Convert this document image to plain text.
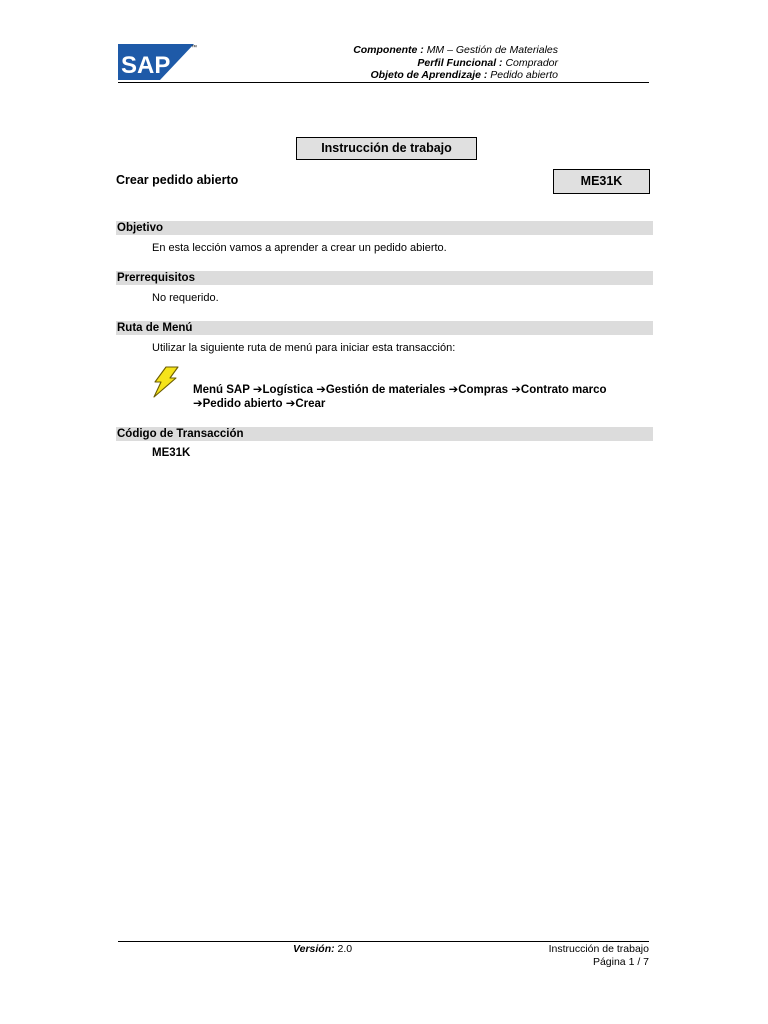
SAP
™	Componente : MM – Gestión de Materiales
Perfil Funcional : Comprador
Objeto de Aprendizaje : Pedido abierto
Instrucción de trabajo
Crear pedido abierto	ME31K
Objetivo
En esta lección vamos a aprender a crear un pedido abierto.
Prerrequisitos
No requerido.
Ruta de Menú
Utilizar la siguiente ruta de menú para iniciar esta transacción:
Menú SAP ➔Logística ➔Gestión de materiales ➔Compras ➔Contrato marco
➔Pedido abierto ➔Crear
Código de Transacción
ME31K
Versión: 2.0	Instrucción de trabajo
Página 1 / 7
